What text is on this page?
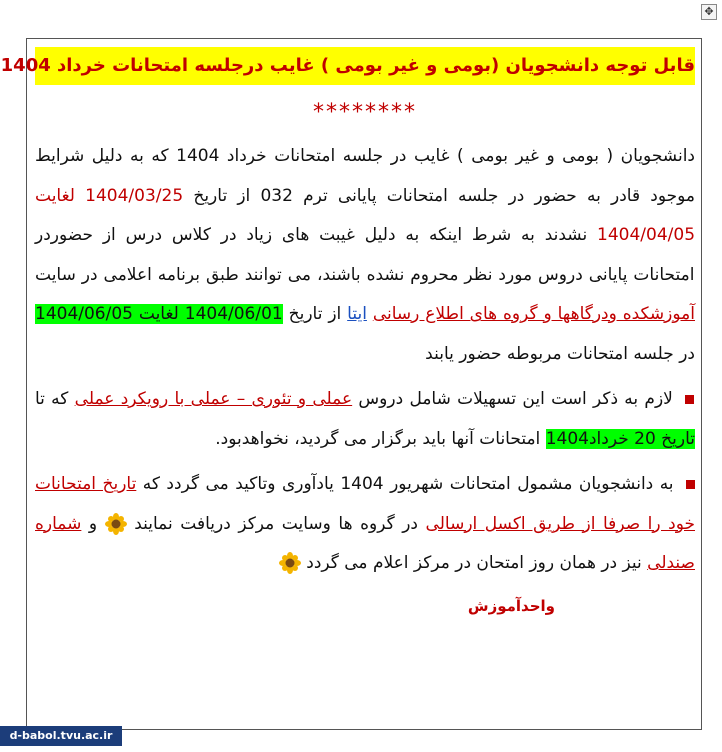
✥
قابل توجه دانشجویان (بومی و غیر بومی ) غایب درجلسه امتحانات خرداد 1404
********

دانشجویان ( بومی و غیر بومی ) غایب در جلسه امتحانات خرداد 1404 که به دلیل شرایط موجود قادر به حضور در جلسه امتحانات پایانی ترم 032 از تاریخ 1404/03/25 لغایت 1404/04/05 نشدند به شرط اینکه به دلیل غیبت های زیاد در کلاس درس از حضوردر امتحانات پایانی دروس مورد نظر محروم نشده باشند، می توانند طبق برنامه اعلامی در سایت آموزشکده ودرگاهها و گروه های اطلاع رسانی ایتا از تاریخ 1404/06/01 لغایت 1404/06/05 در جلسه امتحانات مربوطه حضور یابند

لازم به ذکر است این تسهیلات شامل دروس عملی و تئوری – عملی با رویکرد عملی که تا تاریخ 20 خرداد1404 امتحانات آنها باید برگزار می گردید، نخواهدبود.

به دانشجویان مشمول امتحانات شهریور 1404 یادآوری وتاکید می گردد که تاریخ امتحانات خود را صرفا از طریق اکسل ارسالی در گروه ها وسایت مرکز دریافت نمایند  و شماره صندلی نیز در همان روز امتحان در مرکز اعلام می گردد

واحدآموزش
d-babol.tvu.ac.ir
